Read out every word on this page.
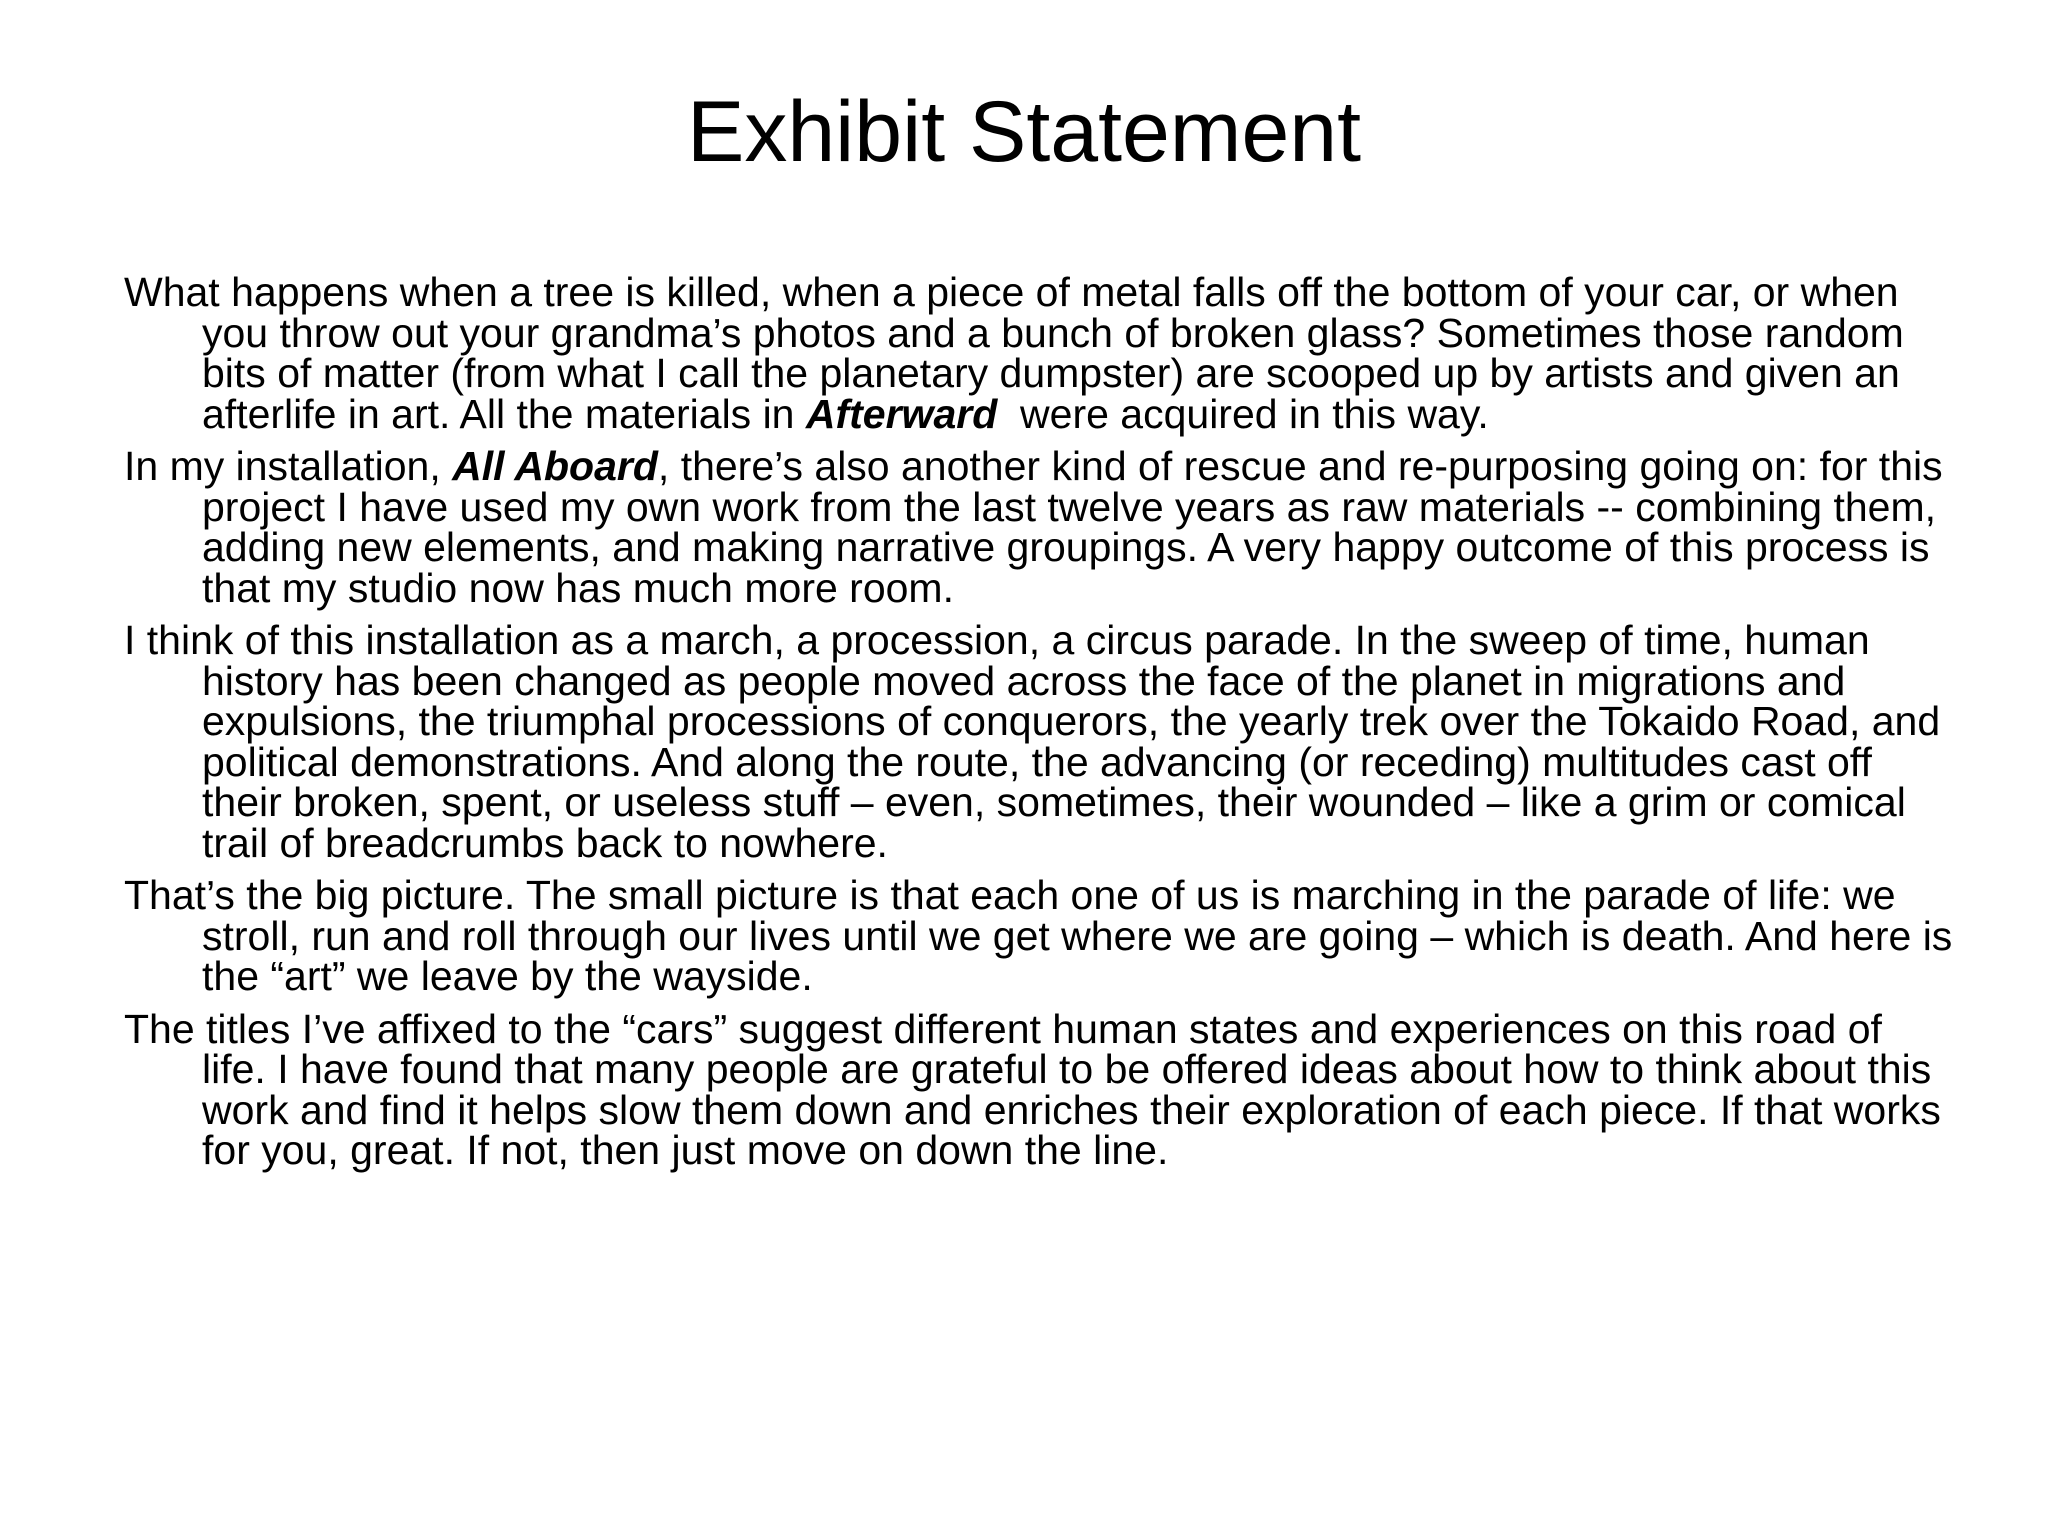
Exhibit Statement

What happens when a tree is killed, when a piece of metal falls off the bottom of your car, or when you throw out your grandma’s photos and a bunch of broken glass? Sometimes those random bits of matter (from what I call the planetary dumpster) are scooped up by artists and given an afterlife in art. All the materials in Afterward  were acquired in this way.

In my installation, All Aboard, there’s also another kind of rescue and re-purposing going on: for this project I have used my own work from the last twelve years as raw materials -- combining them, adding new elements, and making narrative groupings. A very happy outcome of this process is that my studio now has much more room.

I think of this installation as a march, a procession, a circus parade. In the sweep of time, human history has been changed as people moved across the face of the planet in migrations and expulsions, the triumphal processions of conquerors, the yearly trek over the Tokaido Road, and political demonstrations. And along the route, the advancing (or receding) multitudes cast off their broken, spent, or useless stuff – even, sometimes, their wounded – like a grim or comical trail of breadcrumbs back to nowhere.

That’s the big picture. The small picture is that each one of us is marching in the parade of life: we stroll, run and roll through our lives until we get where we are going – which is death. And here is the “art” we leave by the wayside.

The titles I’ve affixed to the “cars” suggest different human states and experiences on this road of life. I have found that many people are grateful to be offered ideas about how to think about this work and find it helps slow them down and enriches their exploration of each piece. If that works for you, great. If not, then just move on down the line.
